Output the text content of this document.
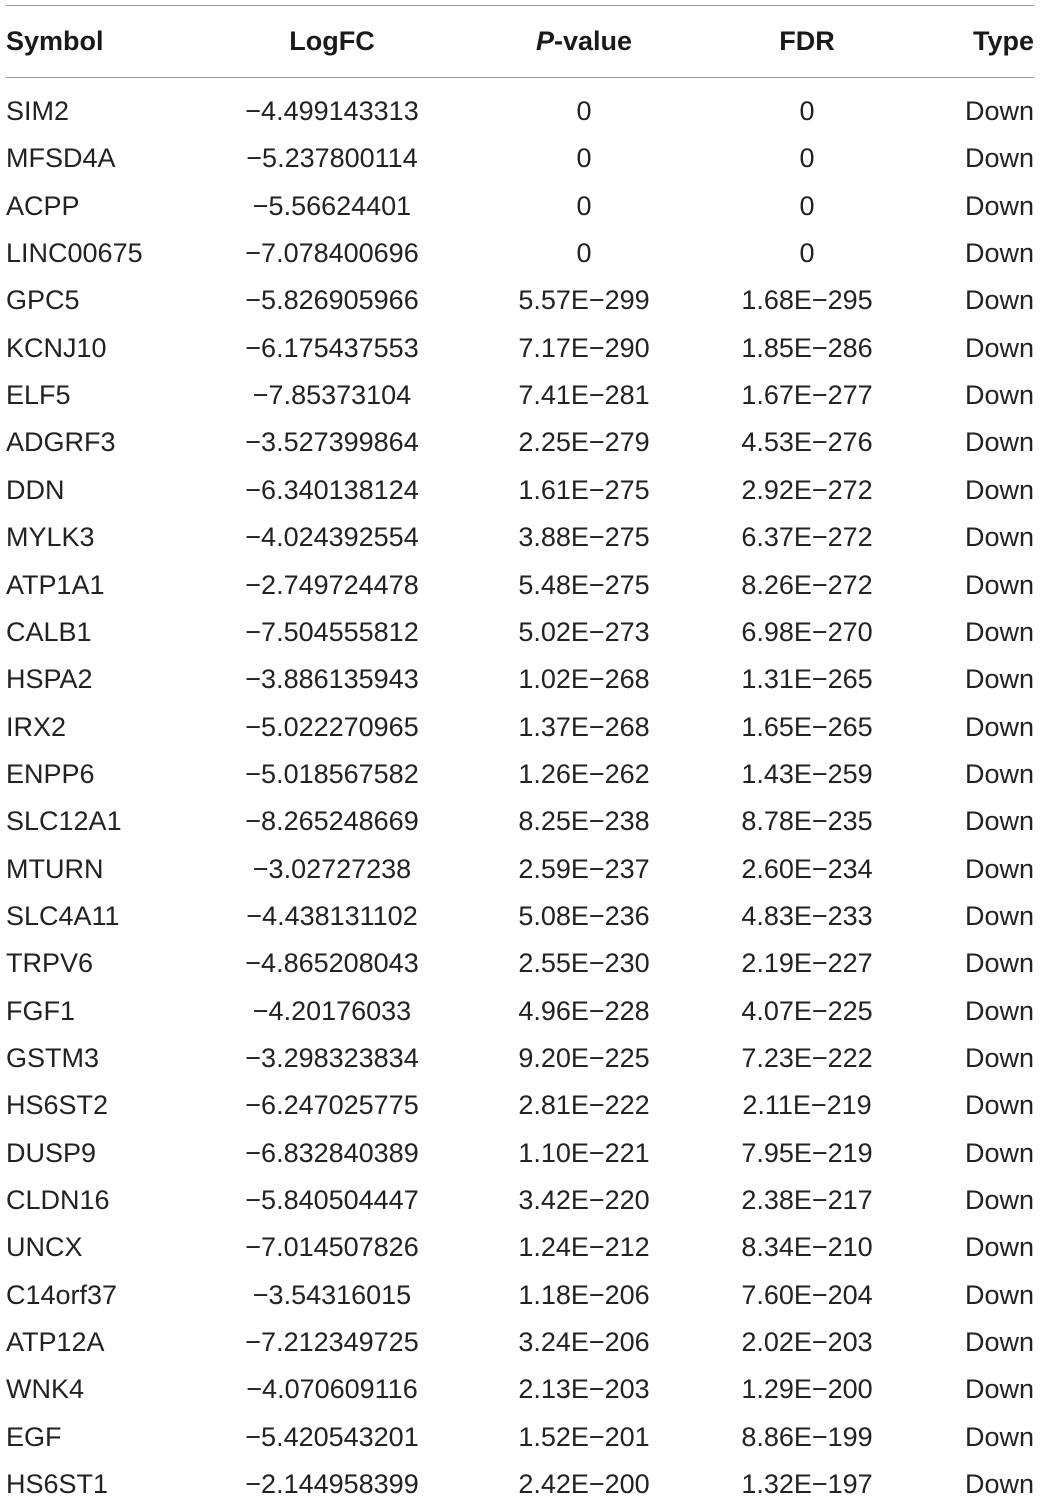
Symbol	LogFC	P -value	FDR	Type
SIM2	−4.499143313	0	0	Down
MFSD4A	−5.237800114	0	0	Down
ACPP	−5.56624401	0	0	Down
LINC00675	−7.078400696	0	0	Down
GPC5	−5.826905966	5.57E−299	1.68E−295	Down
KCNJ10	−6.175437553	7.17E−290	1.85E−286	Down
ELF5	−7.85373104	7.41E−281	1.67E−277	Down
ADGRF3	−3.527399864	2.25E−279	4.53E−276	Down
DDN	−6.340138124	1.61E−275	2.92E−272	Down
MYLK3	−4.024392554	3.88E−275	6.37E−272	Down
ATP1A1	−2.749724478	5.48E−275	8.26E−272	Down
CALB1	−7.504555812	5.02E−273	6.98E−270	Down
HSPA2	−3.886135943	1.02E−268	1.31E−265	Down
IRX2	−5.022270965	1.37E−268	1.65E−265	Down
ENPP6	−5.018567582	1.26E−262	1.43E−259	Down
SLC12A1	−8.265248669	8.25E−238	8.78E−235	Down
MTURN	−3.02727238	2.59E−237	2.60E−234	Down
SLC4A11	−4.438131102	5.08E−236	4.83E−233	Down
TRPV6	−4.865208043	2.55E−230	2.19E−227	Down
FGF1	−4.20176033	4.96E−228	4.07E−225	Down
GSTM3	−3.298323834	9.20E−225	7.23E−222	Down
HS6ST2	−6.247025775	2.81E−222	2.11E−219	Down
DUSP9	−6.832840389	1.10E−221	7.95E−219	Down
CLDN16	−5.840504447	3.42E−220	2.38E−217	Down
UNCX	−7.014507826	1.24E−212	8.34E−210	Down
C14orf37	−3.54316015	1.18E−206	7.60E−204	Down
ATP12A	−7.212349725	3.24E−206	2.02E−203	Down
WNK4	−4.070609116	2.13E−203	1.29E−200	Down
EGF	−5.420543201	1.52E−201	8.86E−199	Down
HS6ST1	−2.144958399	2.42E−200	1.32E−197	Down
